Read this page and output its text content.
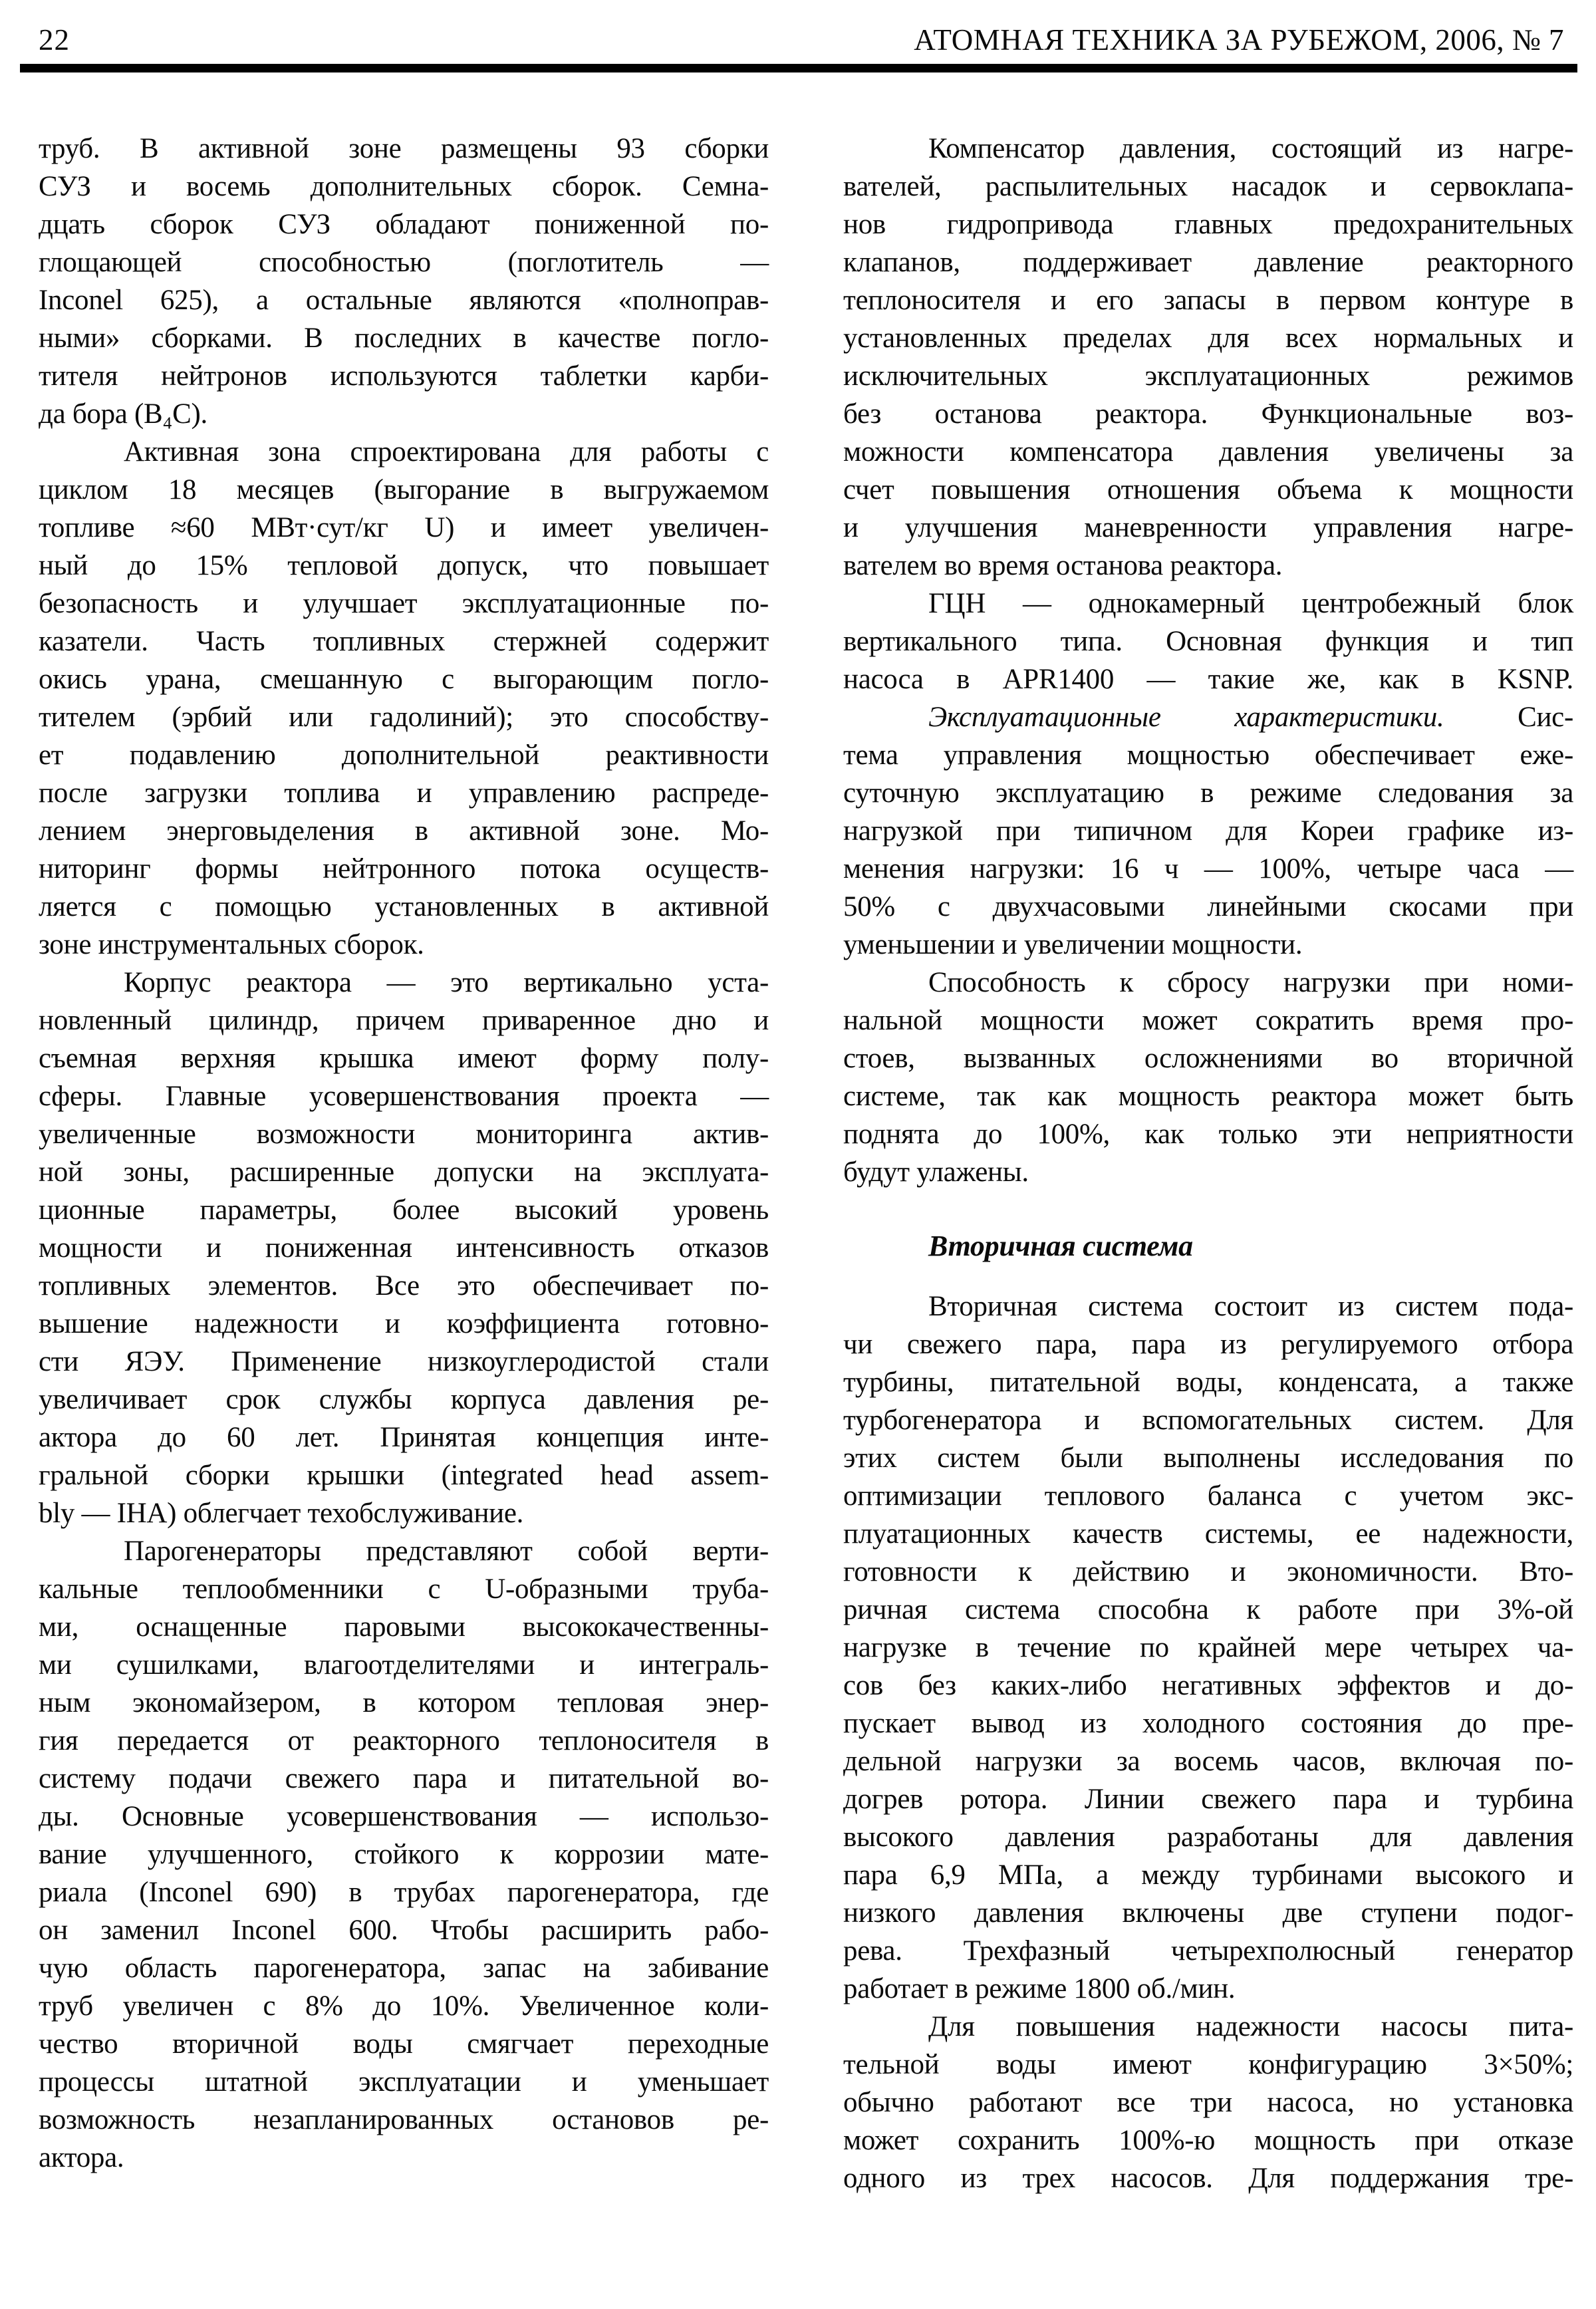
22	АТОМНАЯ ТЕХНИКА ЗА РУБЕЖОМ, 2006, № 7
труб. В активной зоне размещены 93 сборки
СУЗ и восемь дополнительных сборок. Семна-
дцать сборок СУЗ обладают пониженной по-
глощающей способностью (поглотитель —
Inconel 625), а остальные являются «полноправ-
ными» сборками. В последних в качестве погло-
тителя нейтронов используются таблетки карби-
да бора (B₄C).
Активная зона спроектирована для работы с
циклом 18 месяцев (выгорание в выгружаемом
топливе ≈60 МВт·сут/кг U) и имеет увеличен-
ный до 15% тепловой допуск, что повышает
безопасность и улучшает эксплуатационные по-
казатели. Часть топливных стержней содержит
окись урана, смешанную с выгорающим погло-
тителем (эрбий или гадолиний); это способству-
ет подавлению дополнительной реактивности
после загрузки топлива и управлению распреде-
лением энерговыделения в активной зоне. Мо-
ниторинг формы нейтронного потока осуществ-
ляется с помощью установленных в активной
зоне инструментальных сборок.
Корпус реактора — это вертикально уста-
новленный цилиндр, причем приваренное дно и
съемная верхняя крышка имеют форму полу-
сферы. Главные усовершенствования проекта —
увеличенные возможности мониторинга актив-
ной зоны, расширенные допуски на эксплуата-
ционные параметры, более высокий уровень
мощности и пониженная интенсивность отказов
топливных элементов. Все это обеспечивает по-
вышение надежности и коэффициента готовно-
сти ЯЭУ. Применение низкоуглеродистой стали
увеличивает срок службы корпуса давления ре-
актора до 60 лет. Принятая концепция инте-
гральной сборки крышки (integrated head assem-
bly — IHA) облегчает техобслуживание.
Парогенераторы представляют собой верти-
кальные теплообменники с U-образными труба-
ми, оснащенные паровыми высококачественны-
ми сушилками, влагоотделителями и интеграль-
ным экономайзером, в котором тепловая энер-
гия передается от реакторного теплоносителя в
систему подачи свежего пара и питательной во-
ды. Основные усовершенствования — использо-
вание улучшенного, стойкого к коррозии мате-
риала (Inconel 690) в трубах парогенератора, где
он заменил Inconel 600. Чтобы расширить рабо-
чую область парогенератора, запас на забивание
труб увеличен с 8% до 10%. Увеличенное коли-
чество вторичной воды смягчает переходные
процессы штатной эксплуатации и уменьшает
возможность незапланированных остановов ре-
актора.
Компенсатор давления, состоящий из нагре-
вателей, распылительных насадок и сервоклапа-
нов гидропривода главных предохранительных
клапанов, поддерживает давление реакторного
теплоносителя и его запасы в первом контуре в
установленных пределах для всех нормальных и
исключительных эксплуатационных режимов
без останова реактора. Функциональные воз-
можности компенсатора давления увеличены за
счет повышения отношения объема к мощности
и улучшения маневренности управления нагре-
вателем во время останова реактора.
ГЦН — однокамерный центробежный блок
вертикального типа. Основная функция и тип
насоса в APR1400 — такие же, как в KSNP.
Эксплуатационные характеристики. Сис-
тема управления мощностью обеспечивает еже-
суточную эксплуатацию в режиме следования за
нагрузкой при типичном для Кореи графике из-
менения нагрузки: 16 ч — 100%, четыре часа —
50% с двухчасовыми линейными скосами при
уменьшении и увеличении мощности.
Способность к сбросу нагрузки при номи-
нальной мощности может сократить время про-
стоев, вызванных осложнениями во вторичной
системе, так как мощность реактора может быть
поднята до 100%, как только эти неприятности
будут улажены.
Вторичная система
Вторичная система состоит из систем пода-
чи свежего пара, пара из регулируемого отбора
турбины, питательной воды, конденсата, а также
турбогенератора и вспомогательных систем. Для
этих систем были выполнены исследования по
оптимизации теплового баланса с учетом экс-
плуатационных качеств системы, ее надежности,
готовности к действию и экономичности. Вто-
ричная система способна к работе при 3%-ой
нагрузке в течение по крайней мере четырех ча-
сов без каких-либо негативных эффектов и до-
пускает вывод из холодного состояния до пре-
дельной нагрузки за восемь часов, включая по-
догрев ротора. Линии свежего пара и турбина
высокого давления разработаны для давления
пара 6,9 МПа, а между турбинами высокого и
низкого давления включены две ступени подог-
рева. Трехфазный четырехполюсный генератор
работает в режиме 1800 об./мин.
Для повышения надежности насосы пита-
тельной воды имеют конфигурацию 3×50%;
обычно работают все три насоса, но установка
может сохранить 100%-ю мощность при отказе
одного из трех насосов. Для поддержания тре-
